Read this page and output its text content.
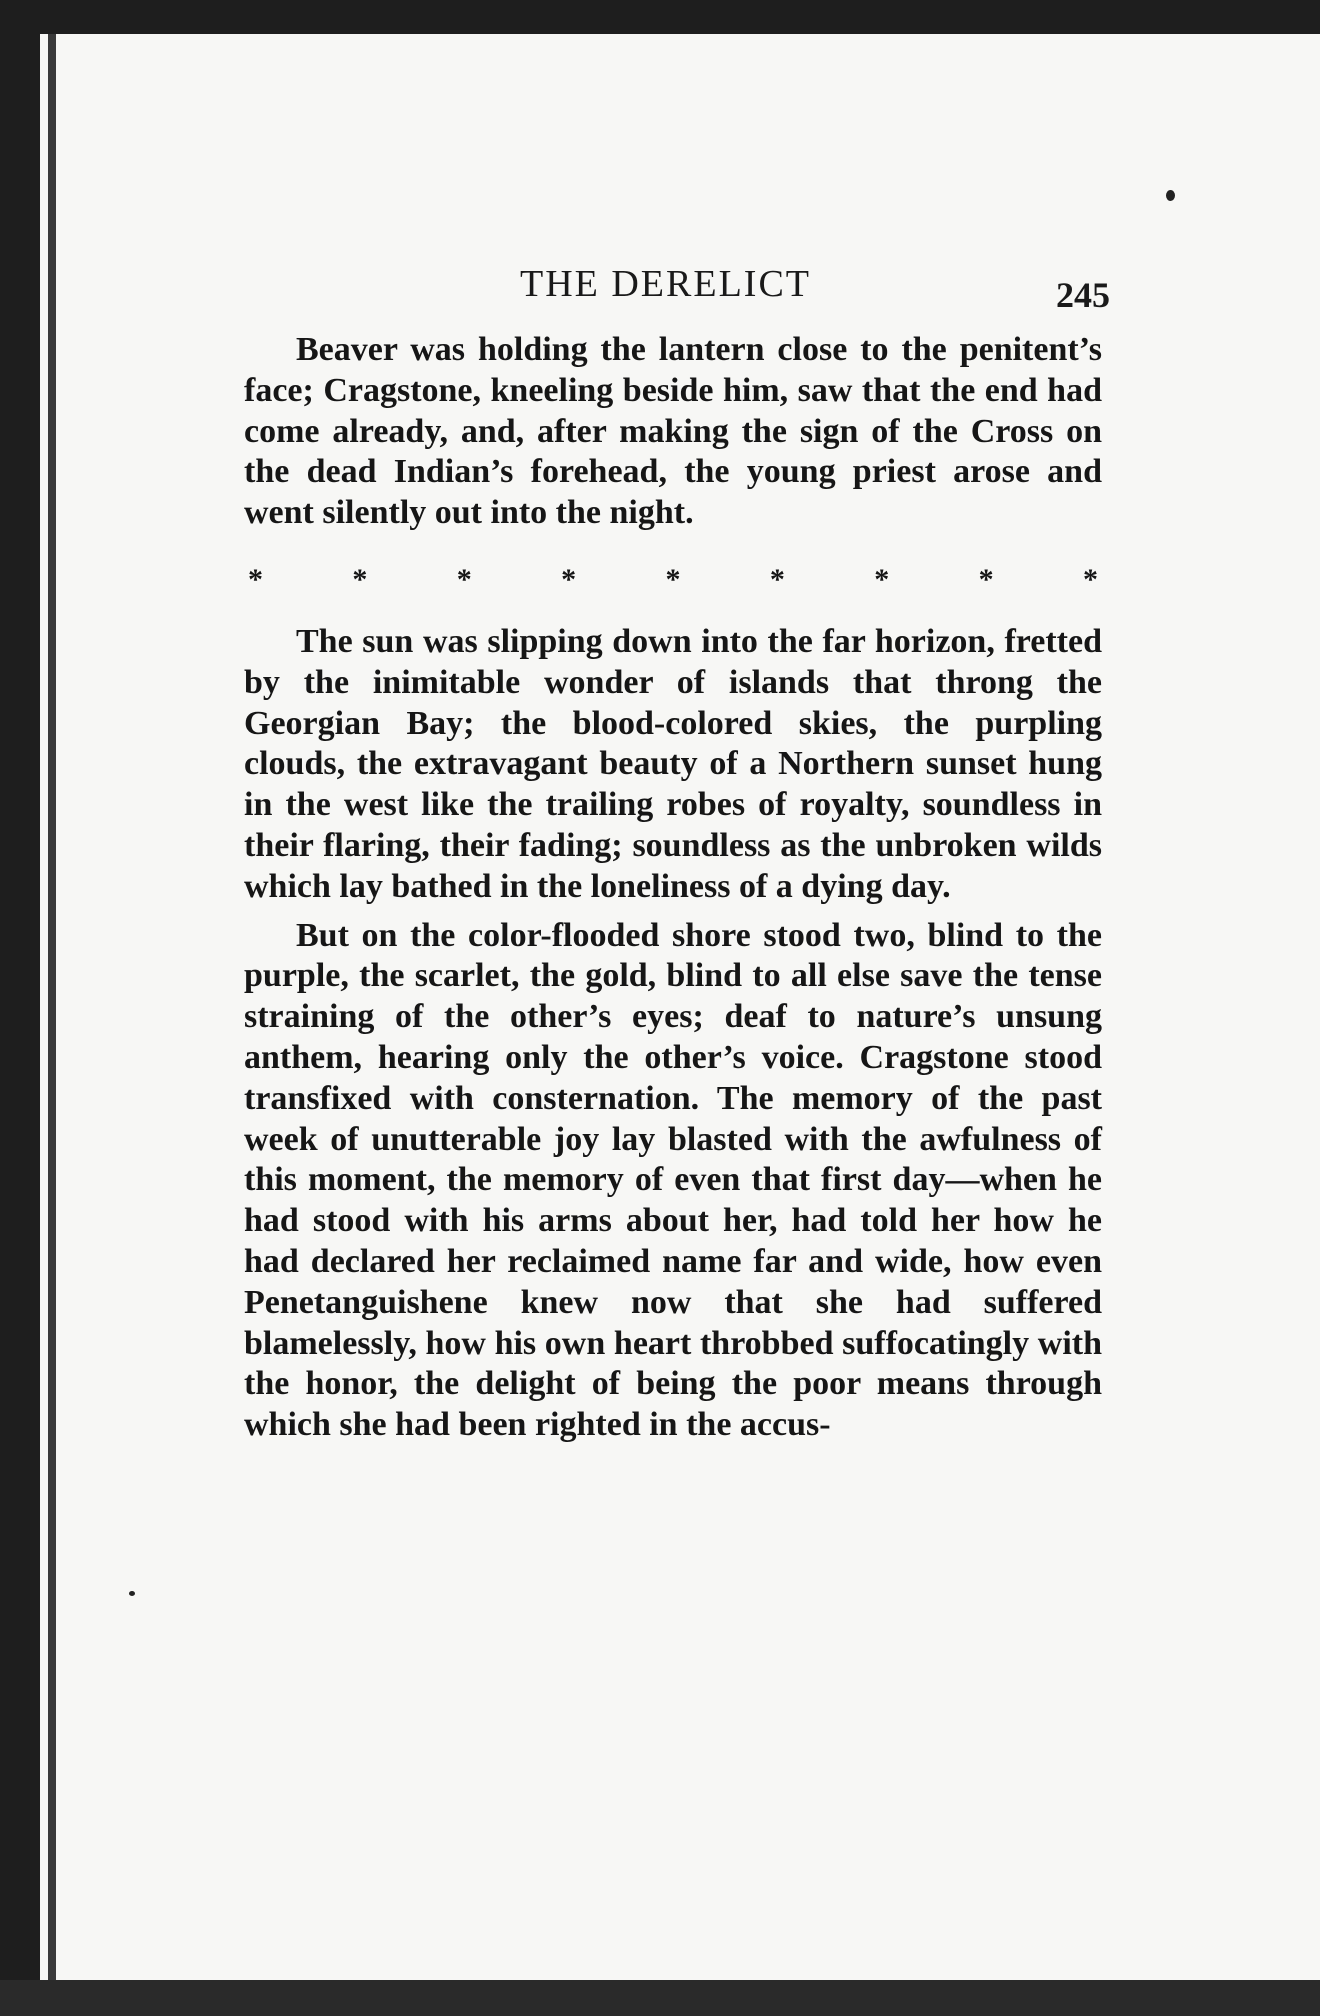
THE DERELICT	245

Beaver was holding the lantern close to the penitent’s face; Cragstone, kneeling beside him, saw that the end had come already, and, after making the sign of the Cross on the dead Indian’s forehead, the young priest arose and went silently out into the night.

*	*	*	*	*	*	*	*	*

The sun was slipping down into the far horizon, fretted by the inimitable wonder of islands that throng the Georgian Bay; the blood-colored skies, the purpling clouds, the extravagant beauty of a Northern sunset hung in the west like the trailing robes of royalty, soundless in their flaring, their fading; soundless as the unbroken wilds which lay bathed in the loneliness of a dying day.

But on the color-flooded shore stood two, blind to the purple, the scarlet, the gold, blind to all else save the tense straining of the other’s eyes; deaf to nature’s unsung anthem, hearing only the other’s voice. Cragstone stood transfixed with consternation. The memory of the past week of unutterable joy lay blasted with the awfulness of this moment, the memory of even that first day—when he had stood with his arms about her, had told her how he had declared her reclaimed name far and wide, how even Penetanguishene knew now that she had suffered blamelessly, how his own heart throbbed suffocatingly with the honor, the delight of being the poor means through which she had been righted in the accus-
